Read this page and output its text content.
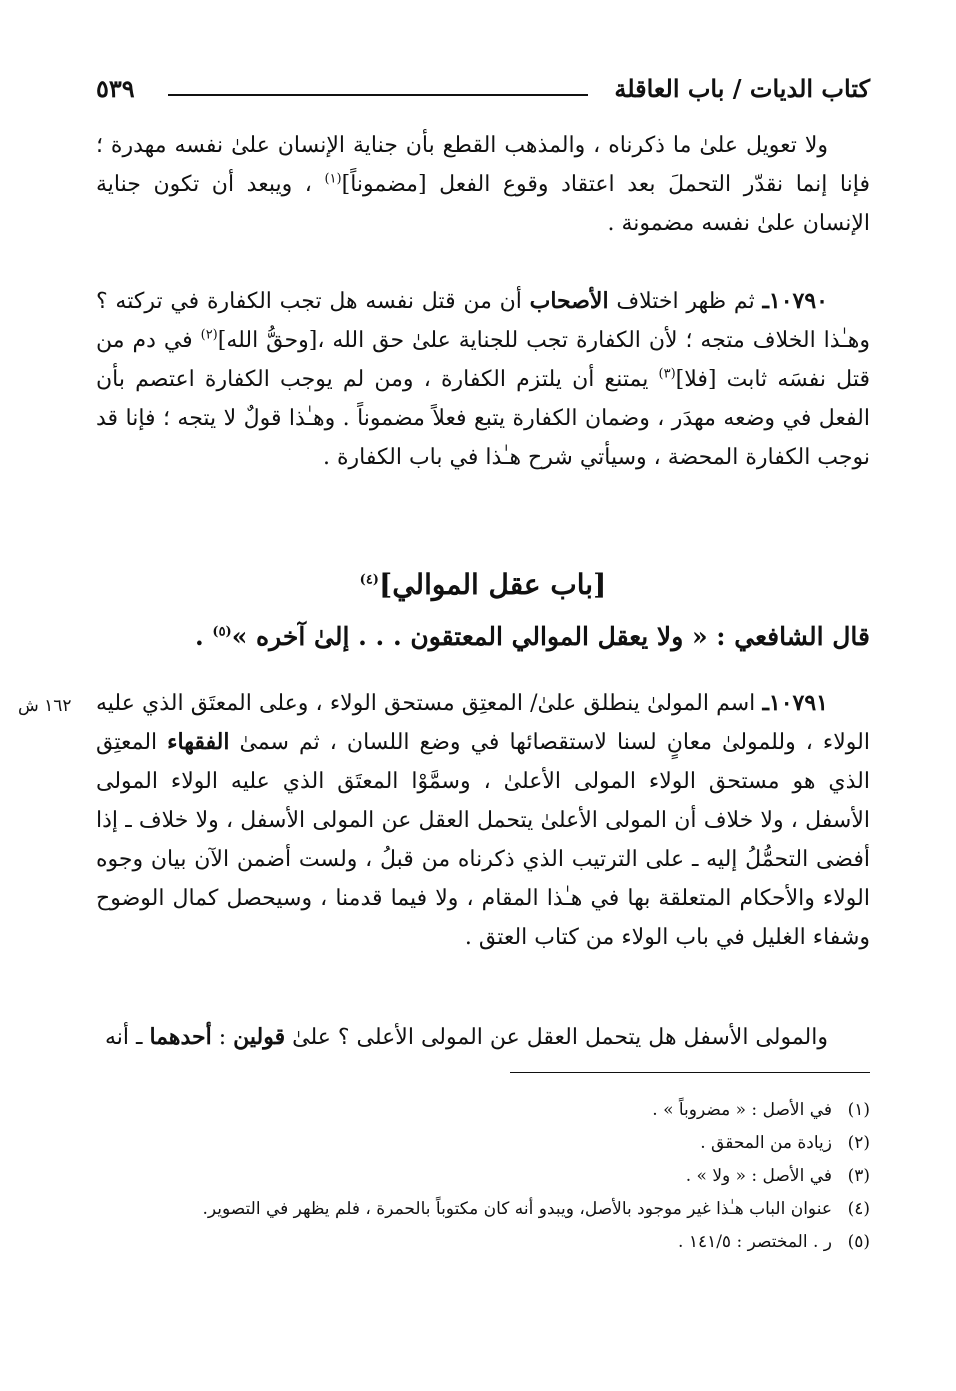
كتاب الديات / باب العاقلة
٥٣٩

ولا تعويل علىٰ ما ذكرناه ، والمذهب القطع بأن جناية الإنسان علىٰ نفسه مهدرة ؛ فإنا إنما نقدّر التحملَ بعد اعتقاد وقوع الفعل [مضموناً]$^{(١)}$ ، ويبعد أن تكون جناية الإنسان علىٰ نفسه مضمونة .

١٠٧٩٠ـ ثم ظهر اختلاف الأصحاب أن من قتل نفسه هل تجب الكفارة في تركته ؟ وهـٰذا الخلاف متجه ؛ لأن الكفارة تجب للجناية علىٰ حق الله ،[وحقُّ الله]$^{(٢)}$ في دم من قتل نفسَه ثابت [فلا]$^{(٣)}$ يمتنع أن يلتزم الكفارة ، ومن لم يوجب الكفارة اعتصم بأن الفعل في وضعه مهدَر ، وضمان الكفارة يتبع فعلاً مضموناً . وهـٰذا قولٌ لا يتجه ؛ فإنا قد نوجب الكفارة المحضة ، وسيأتي شرح هـٰذا في باب الكفارة .

[باب عقل الموالي]$^{(٤)}$
قال الشافعي : « ولا يعقل الموالي المعتقون . . . إلىٰ آخره »$^{(٥)}$ .
١٦٢ ش	١٠٧٩١ـ اسم المولىٰ ينطلق علىٰ/ المعتِق مستحق الولاء ، وعلى المعتَق الذي عليه الولاء ، وللمولىٰ معانٍ لسنا لاستقصائها في وضع اللسان ، ثم سمىٰ الفقهاء المعتِق الذي هو مستحق الولاء المولى الأعلىٰ ، وسمَّوْا المعتَق الذي عليه الولاء المولى الأسفل ، ولا خلاف أن المولى الأعلىٰ يتحمل العقل عن المولى الأسفل ، ولا خلاف ـ إذا أفضى التحمُّلُ إليه ـ على الترتيب الذي ذكرناه من قبلُ ، ولست أضمن الآن بيان وجوه الولاء والأحكام المتعلقة بها في هـٰذا المقام ، ولا فيما قدمنا ، وسيحصل كمال الوضوح وشفاء الغليل في باب الولاء من كتاب العتق .

والمولى الأسفل هل يتحمل العقل عن المولى الأعلى ؟ علىٰ قولين : أحدهما ـ أنه

(١)في الأصل : « مضروباً » .
(٢)زيادة من المحقق .
(٣)في الأصل : « ولا » .
(٤)عنوان الباب هـٰذا غير موجود بالأصل، ويبدو أنه كان مكتوباً بالحمرة ، فلم يظهر في التصوير.
(٥)ر . المختصر : ١٤١/٥ .
